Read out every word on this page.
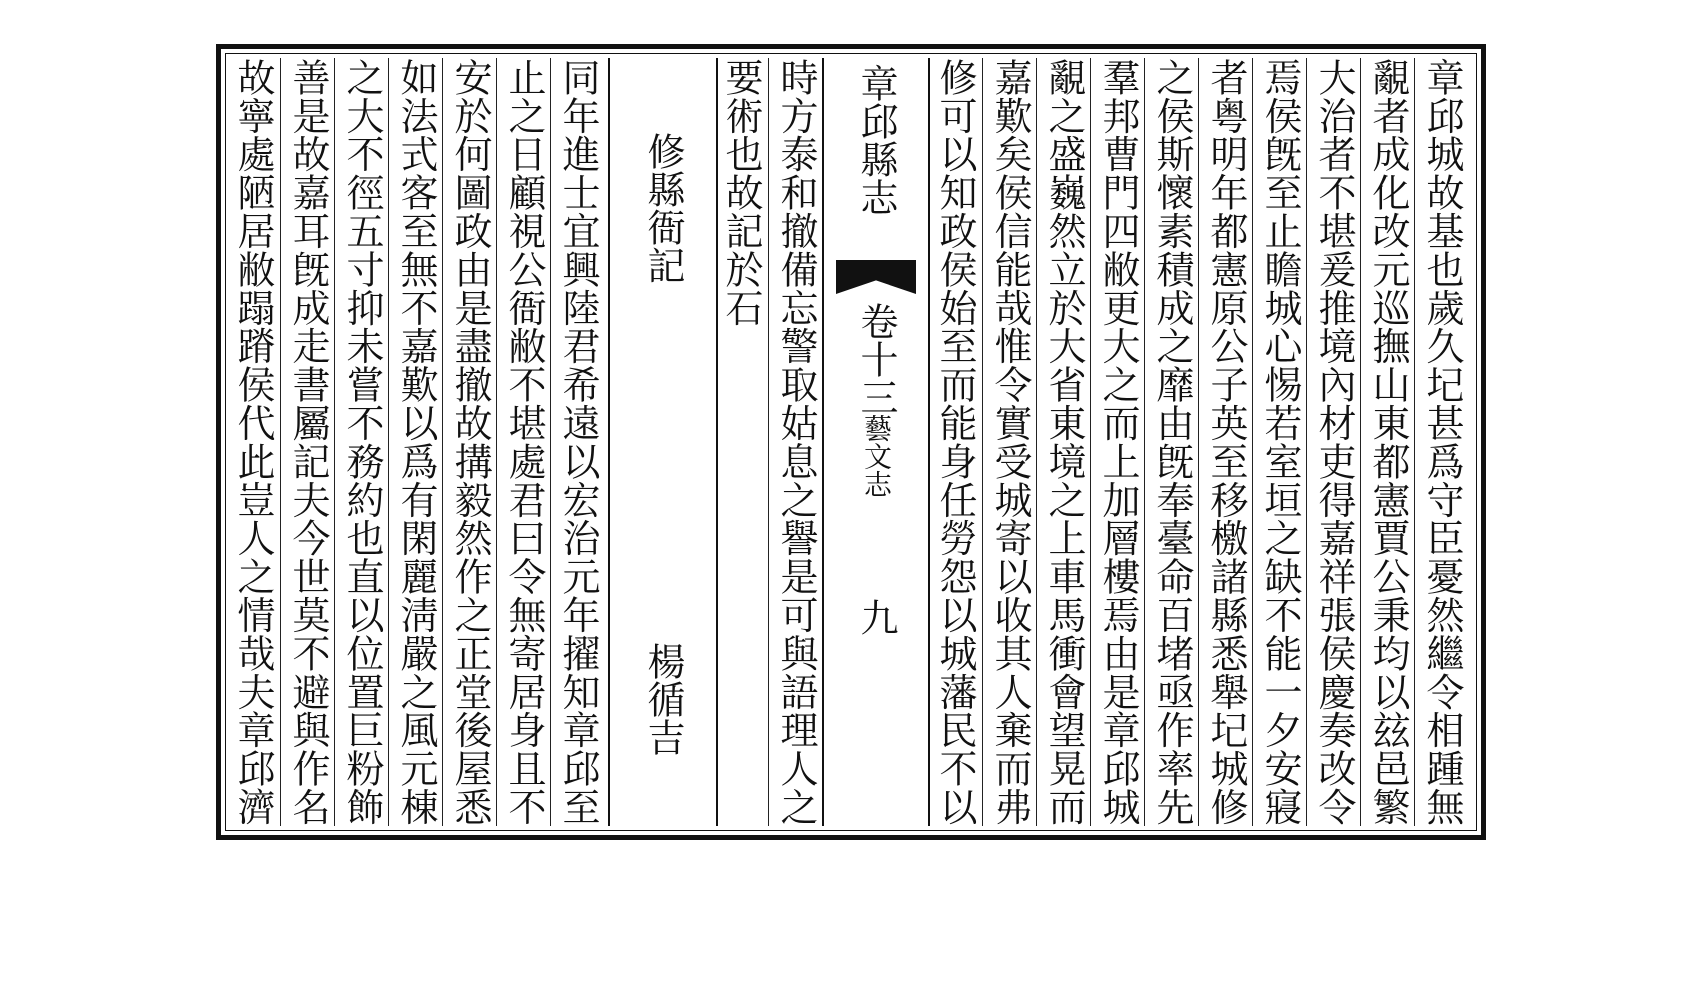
章邱城故基也歲久圮甚爲守臣憂然繼令相踵無
覶者成化改元巡撫山東都憲賈公秉均以玆邑繁
大治者不堪爰推境內材吏得嘉祥張侯慶奏改令
焉侯旣至止瞻城心惕若室垣之缺不能一夕安寢
者粤明年都憲原公子英至移檄諸縣悉舉圮城修
之侯斯懷素積成之靡由旣奉臺命百堵亟作率先
羣邦曹門四敝更大之而上加層樓焉由是章邱城
覶之盛巍然立於大省東境之上車馬衝會望晃而
嘉歎矣侯信能哉惟令實受城寄以收其人棄而弗
修可以知政侯始至而能身任勞怨以城藩民不以
章邱縣志
卷十三
藝文志
九
時方泰和撤備忘警取姑息之譽是可與語理人之
要術也故記於石
修縣衙記
楊循吉
同年進士宜興陸君希遠以宏治元年擢知章邱至
止之日顧視公衙敝不堪處君曰令無寄居身且不
安於何圖政由是盡撤故搆毅然作之正堂後屋悉
如法式客至無不嘉歎以爲有閑麗淸嚴之風元棟
之大不徑五寸抑未嘗不務約也直以位置巨粉飾
善是故嘉耳旣成走書屬記夫今世莫不避與作名
故寧處陋居敝蹋蹐侯代此豈人之情哉夫章邱濟
